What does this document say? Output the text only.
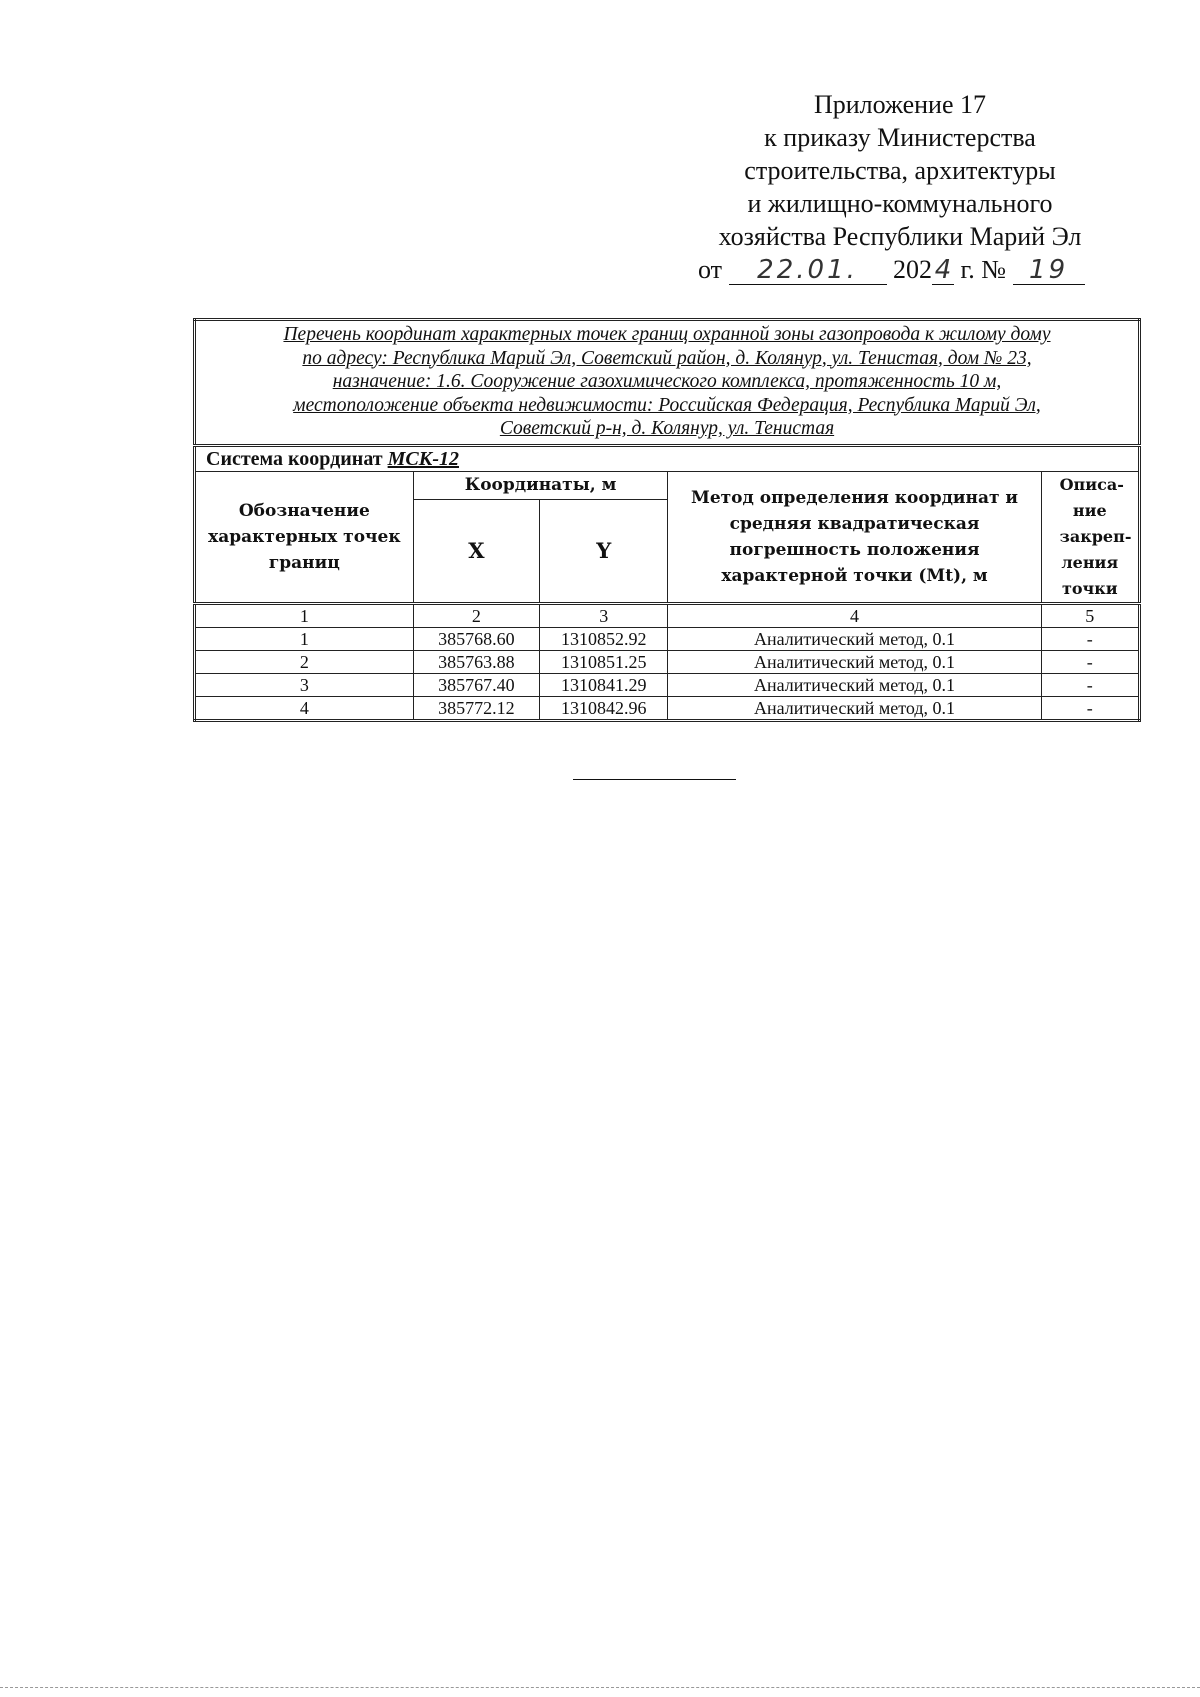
Приложение 17
к приказу Министерства
строительства, архитектуры
и жилищно-коммунального
хозяйства Республики Марий Эл
от 22.01. 202 4 г. № 19
Перечень координат характерных точек границ охранной зоны газопровода к жилому дому
по адресу: Республика Марий Эл, Советский район, д. Колянур, ул. Тенистая, дом № 23,
назначение: 1.6. Сооружение газохимического комплекса, протяженность 10 м,
местоположение объекта недвижимости: Российская Федерация, Республика Марий Эл,
Советский р-н, д. Колянур, ул. Тенистая				

Система координат МСК-12				
Обозначение характерных точек границ	Координаты, м		Метод определения координат и средняя квадратическая погрешность положения характерной точки (Mt), м	Описа-ние закреп-ления точки
	X	Y		
1	2	3	4	5
1	385768.60	1310852.92	Аналитический метод, 0.1	-
2	385763.88	1310851.25	Аналитический метод, 0.1	-
3	385767.40	1310841.29	Аналитический метод, 0.1	-
4	385772.12	1310842.96	Аналитический метод, 0.1	-
